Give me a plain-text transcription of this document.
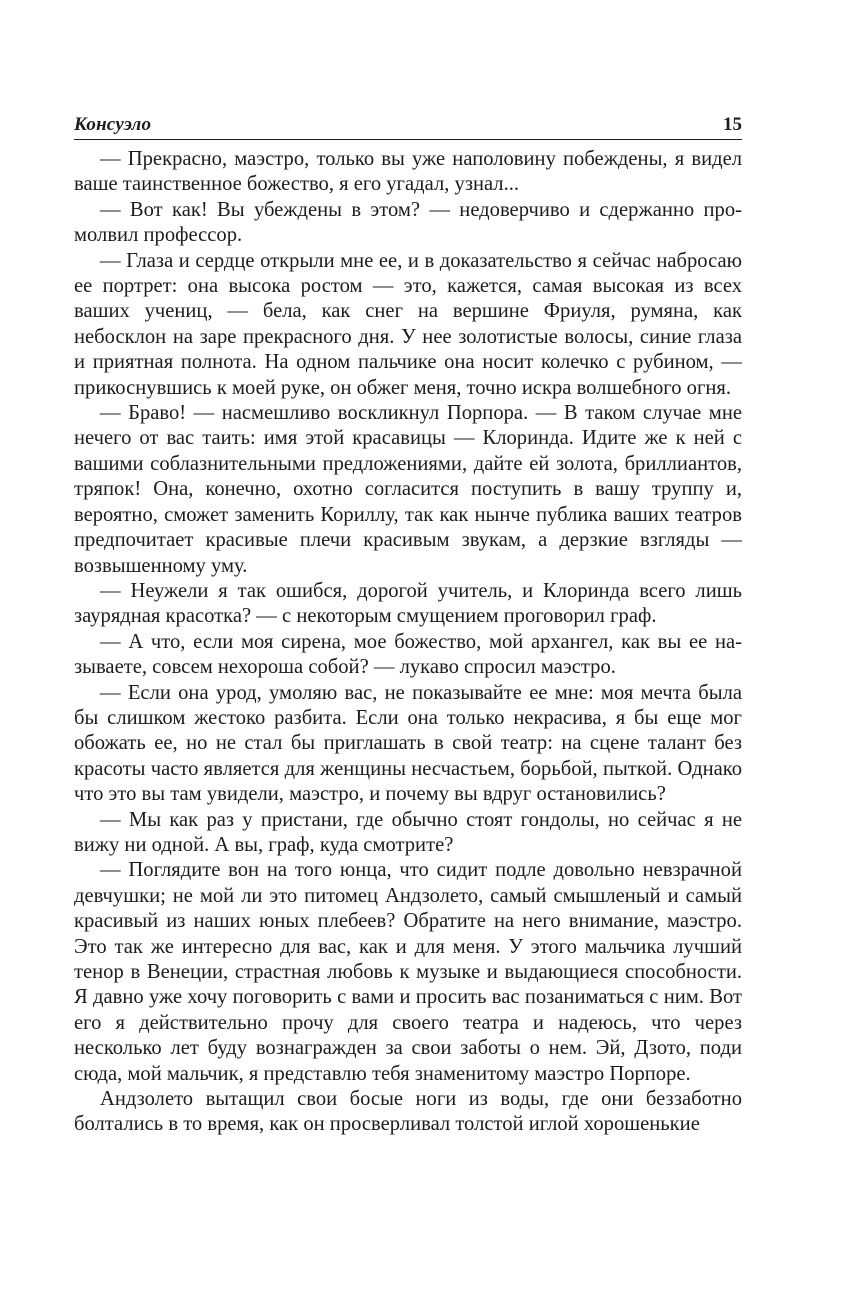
Консуэло	15

— Прекрасно, маэстро, только вы уже наполовину побеждены, я видел ваше таинственное божество, я его угадал, узнал...

— Вот как! Вы убеждены в этом? — недоверчиво и сдержанно промолвил профессор.

— Глаза и сердце открыли мне ее, и в доказательство я сейчас набросаю ее портрет: она высока ростом — это, кажется, самая высокая из всех ваших учениц, — бела, как снег на вершине Фриуля, румяна, как небосклон на заре прекрасного дня. У нее золотистые волосы, синие глаза и приятная полнота. На одном пальчике она носит колечко с рубином, — прикоснувшись к моей руке, он обжег меня, точно искра волшебного огня.

— Браво! — насмешливо воскликнул Порпора. — В таком случае мне нечего от вас таить: имя этой красавицы — Клоринда. Идите же к ней с вашими соблазнительными предложениями, дайте ей золота, бриллиантов, тряпок! Она, конечно, охотно согласится поступить в вашу труппу и, вероятно, сможет заменить Кориллу, так как нынче публика ваших театров предпочитает красивые плечи красивым звукам, а дерзкие взгляды — возвышенному уму.

— Неужели я так ошибся, дорогой учитель, и Клоринда всего лишь заурядная красотка? — с некоторым смущением проговорил граф.

— А что, если моя сирена, мое божество, мой архангел, как вы ее называете, совсем нехороша собой? — лукаво спросил маэстро.

— Если она урод, умоляю вас, не показывайте ее мне: моя мечта была бы слишком жестоко разбита. Если она только некрасива, я бы еще мог обожать ее, но не стал бы приглашать в свой театр: на сцене талант без красоты часто является для женщины несчастьем, борьбой, пыткой. Однако что это вы там увидели, маэстро, и почему вы вдруг остановились?

— Мы как раз у пристани, где обычно стоят гондолы, но сейчас я не вижу ни одной. А вы, граф, куда смотрите?

— Поглядите вон на того юнца, что сидит подле довольно невзрачной девчушки; не мой ли это питомец Андзолето, самый смышленый и самый красивый из наших юных плебеев? Обратите на него внимание, маэстро. Это так же интересно для вас, как и для меня. У этого мальчика лучший тенор в Венеции, страстная любовь к музыке и выдающиеся способности. Я давно уже хочу поговорить с вами и просить вас позаниматься с ним. Вот его я действительно прочу для своего театра и надеюсь, что через несколько лет буду вознагражден за свои заботы о нем. Эй, Дзото, поди сюда, мой мальчик, я представлю тебя знаменитому маэстро Порпоре.

Андзолето вытащил свои босые ноги из воды, где они беззаботно болтались в то время, как он просверливал толстой иглой хорошенькие
